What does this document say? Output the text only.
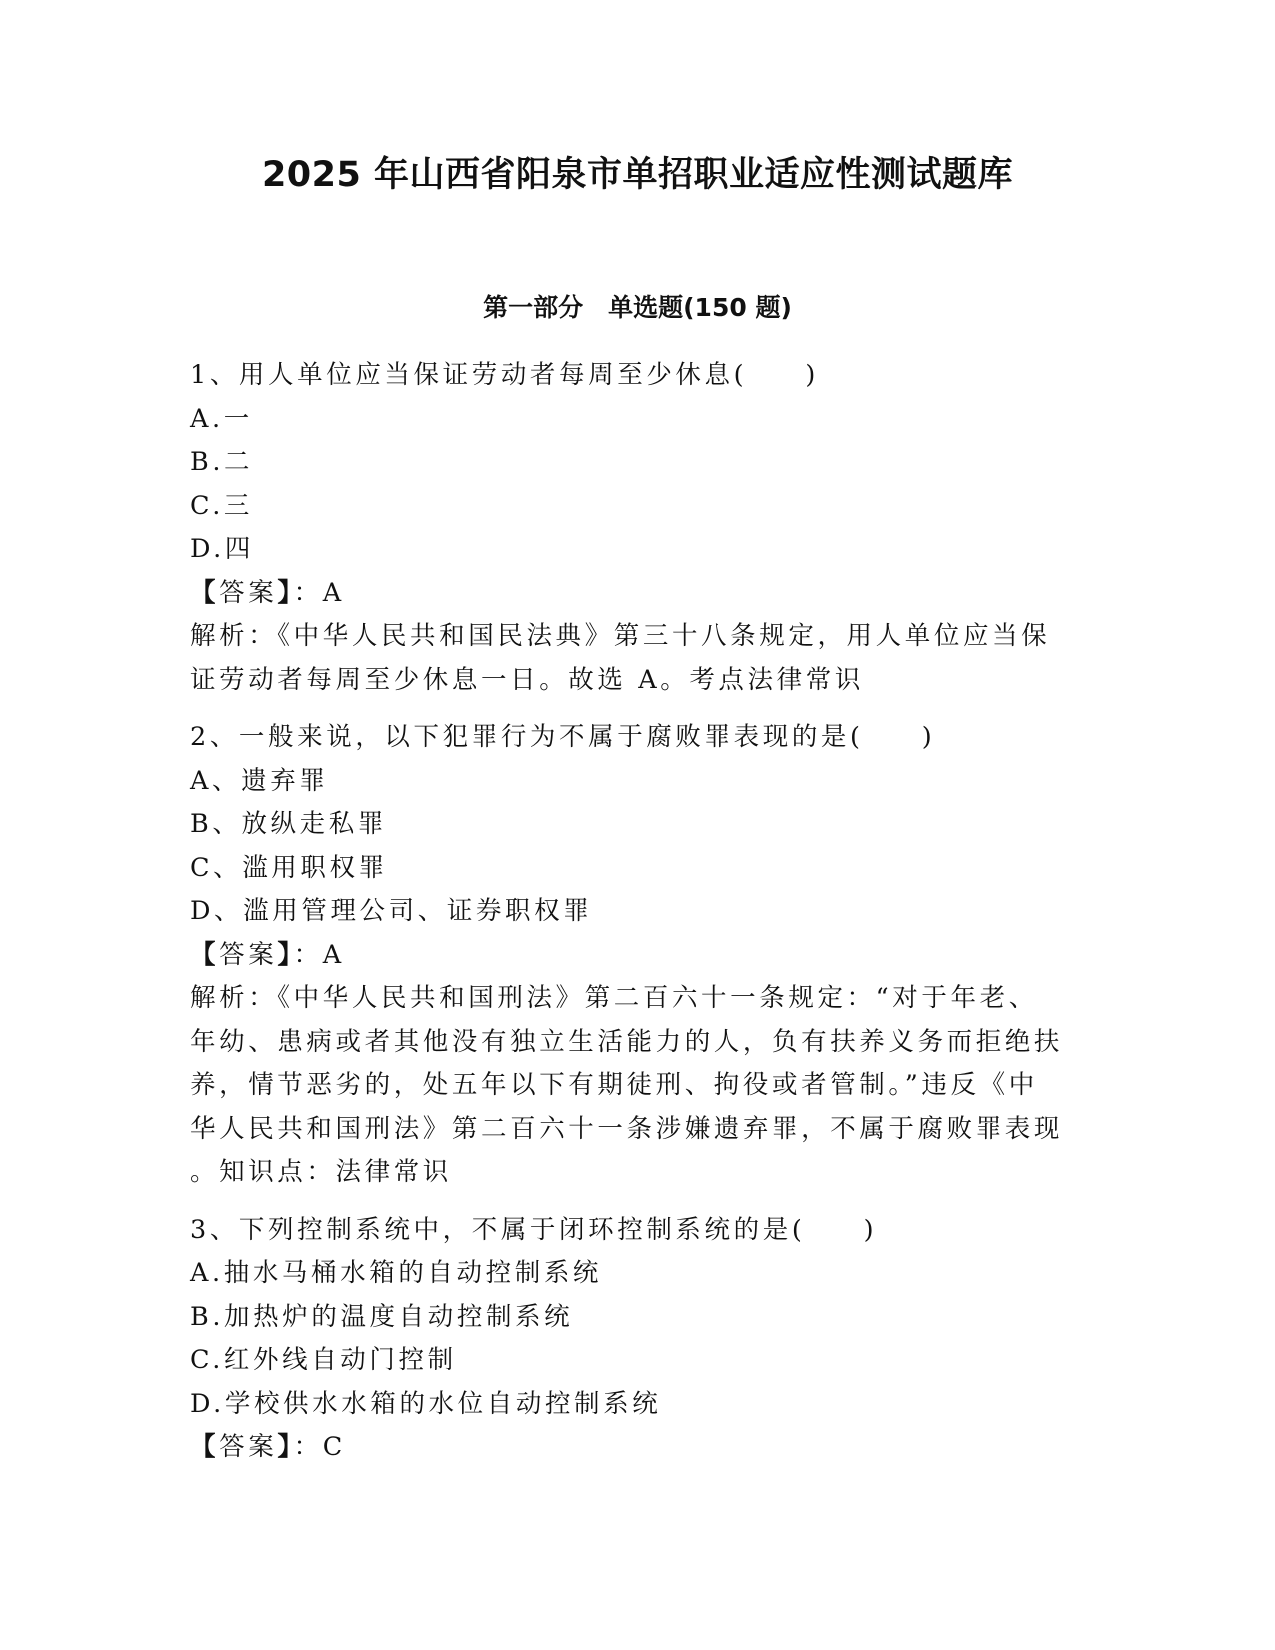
2025 年山西省阳泉市单招职业适应性测试题库
第一部分　单选题(150 题)

1、用人单位应当保证劳动者每周至少休息(　　)

A.一

B.二

C.三

D.四

【答案】：A

解析：《中华人民共和国民法典》第三十八条规定，用人单位应当保

证劳动者每周至少休息一日。故选 A。考点法律常识

2、一般来说，以下犯罪行为不属于腐败罪表现的是(　　)

A、遗弃罪

B、放纵走私罪

C、滥用职权罪

D、滥用管理公司、证券职权罪

【答案】：A

解析：《中华人民共和国刑法》第二百六十一条规定：“对于年老、

年幼、患病或者其他没有独立生活能力的人，负有扶养义务而拒绝扶

养，情节恶劣的，处五年以下有期徒刑、拘役或者管制。”违反《中

华人民共和国刑法》第二百六十一条涉嫌遗弃罪，不属于腐败罪表现

。知识点：法律常识

3、下列控制系统中，不属于闭环控制系统的是(　　)

A.抽水马桶水箱的自动控制系统

B.加热炉的温度自动控制系统

C.红外线自动门控制

D.学校供水水箱的水位自动控制系统

【答案】：C
